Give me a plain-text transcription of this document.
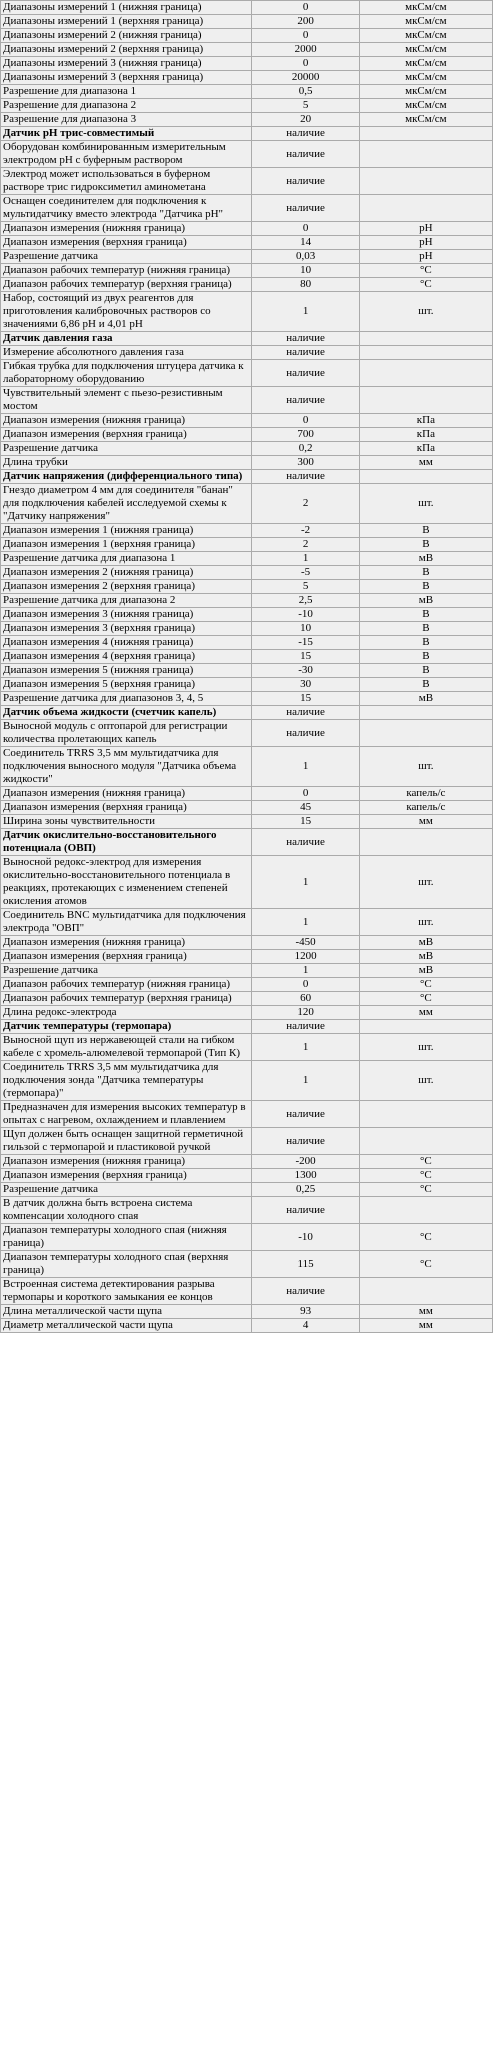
Диапазоны измерений 1 (нижняя граница)	0	мкСм/см
Диапазоны измерений 1 (верхняя граница)	200	мкСм/см
Диапазоны измерений 2 (нижняя граница)	0	мкСм/см
Диапазоны измерений 2 (верхняя граница)	2000	мкСм/см
Диапазоны измерений 3 (нижняя граница)	0	мкСм/см
Диапазоны измерений 3 (верхняя граница)	20000	мкСм/см
Разрешение для диапазона 1	0,5	мкСм/см
Разрешение для диапазона 2	5	мкСм/см
Разрешение для диапазона 3	20	мкСм/см
Датчик pH трис-совместимый	наличие	
Оборудован комбинированным измерительным электродом pH с буферным раствором	наличие	
Электрод может использоваться в буферном растворе трис гидроксиметил аминометана	наличие	
Оснащен соединителем для подключения к мультидатчику вместо электрода "Датчика pH"	наличие	
Диапазон измерения (нижняя граница)	0	pH
Диапазон измерения (верхняя граница)	14	pH
Разрешение датчика	0,03	pH
Диапазон рабочих температур (нижняя граница)	10	°C
Диапазон рабочих температур (верхняя граница)	80	°C
Набор, состоящий из двух реагентов для приготовления калибровочных растворов со значениями 6,86 pH и 4,01 pH	1	шт.
Датчик давления газа	наличие	
Измерение абсолютного давления газа	наличие	
Гибкая трубка для подключения штуцера датчика к лабораторному оборудованию	наличие	
Чувствительный элемент с пьезо-резистивным мостом	наличие	
Диапазон измерения (нижняя граница)	0	кПа
Диапазон измерения (верхняя граница)	700	кПа
Разрешение датчика	0,2	кПа
Длина трубки	300	мм
Датчик напряжения (дифференциального типа)	наличие	
Гнездо диаметром 4 мм для соединителя "банан" для подключения кабелей исследуемой схемы к "Датчику напряжения"	2	шт.
Диапазон измерения 1 (нижняя граница)	-2	В
Диапазон измерения 1 (верхняя граница)	2	В
Разрешение датчика для диапазона 1	1	мВ
Диапазон измерения 2 (нижняя граница)	-5	В
Диапазон измерения 2 (верхняя граница)	5	В
Разрешение датчика для диапазона 2	2,5	мВ
Диапазон измерения 3 (нижняя граница)	-10	В
Диапазон измерения 3 (верхняя граница)	10	В
Диапазон измерения 4 (нижняя граница)	-15	В
Диапазон измерения 4 (верхняя граница)	15	В
Диапазон измерения 5 (нижняя граница)	-30	В
Диапазон измерения 5 (верхняя граница)	30	В
Разрешение датчика для диапазонов 3, 4, 5	15	мВ
Датчик объема жидкости (счетчик капель)	наличие	
Выносной модуль с оптопарой для регистрации количества пролетающих капель	наличие	
Соединитель TRRS 3,5 мм мультидатчика для подключения выносного модуля "Датчика объема жидкости"	1	шт.
Диапазон измерения (нижняя граница)	0	капель/с
Диапазон измерения (верхняя граница)	45	капель/с
Ширина зоны чувствительности	15	мм
Датчик окислительно-восстановительного потенциала (ОВП)	наличие	
Выносной редокс-электрод для измерения окислительно-восстановительного потенциала в реакциях, протекающих с изменением степеней окисления атомов	1	шт.
Соединитель BNC мультидатчика для подключения электрода "ОВП"	1	шт.
Диапазон измерения (нижняя граница)	-450	мВ
Диапазон измерения (верхняя граница)	1200	мВ
Разрешение датчика	1	мВ
Диапазон рабочих температур (нижняя граница)	0	°C
Диапазон рабочих температур (верхняя граница)	60	°C
Длина редокс-электрода	120	мм
Датчик температуры (термопара)	наличие	
Выносной щуп из нержавеющей стали на гибком кабеле с хромель-алюмелевой термопарой (Тип К)	1	шт.
Соединитель TRRS 3,5 мм мультидатчика для подключения зонда "Датчика температуры (термопара)"	1	шт.
Предназначен для измерения высоких температур в опытах с нагревом, охлаждением и плавлением	наличие	
Щуп должен быть оснащен защитной герметичной гильзой с термопарой и пластиковой ручкой	наличие	
Диапазон измерения (нижняя граница)	-200	°C
Диапазон измерения (верхняя граница)	1300	°C
Разрешение датчика	0,25	°C
В датчик должна быть встроена система компенсации холодного спая	наличие	
Диапазон температуры холодного спая (нижняя граница)	-10	°C
Диапазон температуры холодного спая (верхняя граница)	115	°C
Встроенная система детектирования разрыва термопары и короткого замыкания ее концов	наличие	
Длина металлической части щупа	93	мм
Диаметр металлической части щупа	4	мм
